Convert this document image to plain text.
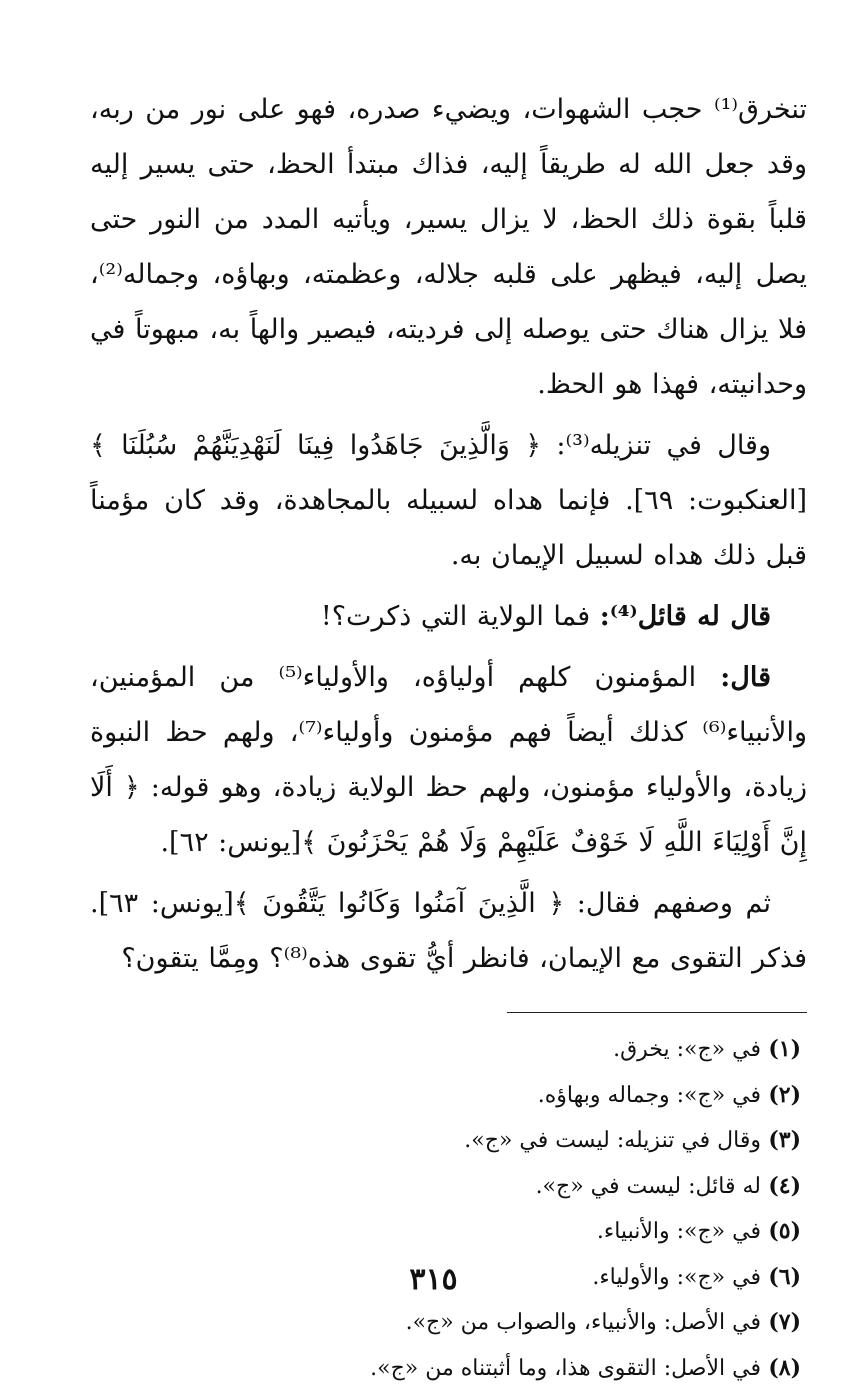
تنخرق⁽¹⁾ حجب الشهوات، ويضيء صدره، فهو على نور من ربه، وقد جعل الله له طريقاً إليه، فذاك مبتدأ الحظ، حتى يسير إليه قلباً بقوة ذلك الحظ، لا يزال يسير، ويأتيه المدد من النور حتى يصل إليه، فيظهر على قلبه جلاله، وعظمته، وبهاؤه، وجماله⁽²⁾، فلا يزال هناك حتى يوصله إلى فرديته، فيصير والهاً به، مبهوتاً في وحدانيته، فهذا هو الحظ.

وقال في تنزيله⁽³⁾: ﴿ وَالَّذِينَ جَاهَدُوا فِينَا لَنَهْدِيَنَّهُمْ سُبُلَنَا ﴾[العنكبوت: ٦٩]. فإنما هداه لسبيله بالمجاهدة، وقد كان مؤمناً قبل ذلك هداه لسبيل الإيمان به.

قال له قائل⁽⁴⁾: فما الولاية التي ذكرت؟!

قال: المؤمنون كلهم أولياؤه، والأولياء⁽⁵⁾ من المؤمنين، والأنبياء⁽⁶⁾ كذلك أيضاً فهم مؤمنون وأولياء⁽⁷⁾، ولهم حظ النبوة زيادة، والأولياء مؤمنون، ولهم حظ الولاية زيادة، وهو قوله: ﴿ أَلَا إِنَّ أَوْلِيَاءَ اللَّهِ لَا خَوْفٌ عَلَيْهِمْ وَلَا هُمْ يَحْزَنُونَ ﴾[يونس: ٦٢].

ثم وصفهم فقال: ﴿ الَّذِينَ آمَنُوا وَكَانُوا يَتَّقُونَ ﴾[يونس: ٦٣]. فذكر التقوى مع الإيمان، فانظر أيُّ تقوى هذه⁽⁸⁾؟ ومِمَّا يتقون؟

(١)
في «ج»: يخرق.
(٢)
في «ج»: وجماله وبهاؤه.
(٣)
وقال في تنزيله: ليست في «ج».
(٤)
له قائل: ليست في «ج».
(٥)
في «ج»: والأنبياء.
(٦)
في «ج»: والأولياء.
(٧)
في الأصل: والأنبياء، والصواب من «ج».
(٨)
في الأصل: التقوى هذا، وما أثبتناه من «ج».
٣١٥
